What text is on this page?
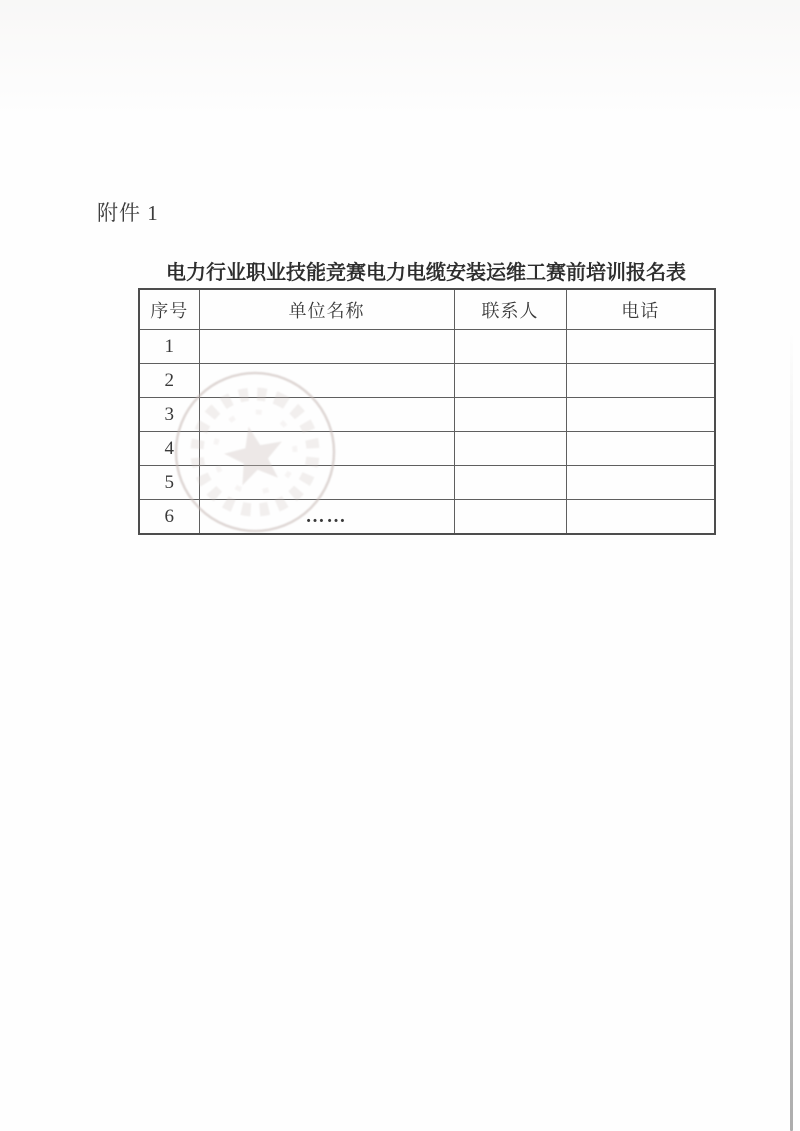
附件 1
电力行业职业技能竞赛电力电缆安装运维工赛前培训报名表
序号	单位名称	联系人	电话
1			
2			
3			
4			
5			
6	……		
